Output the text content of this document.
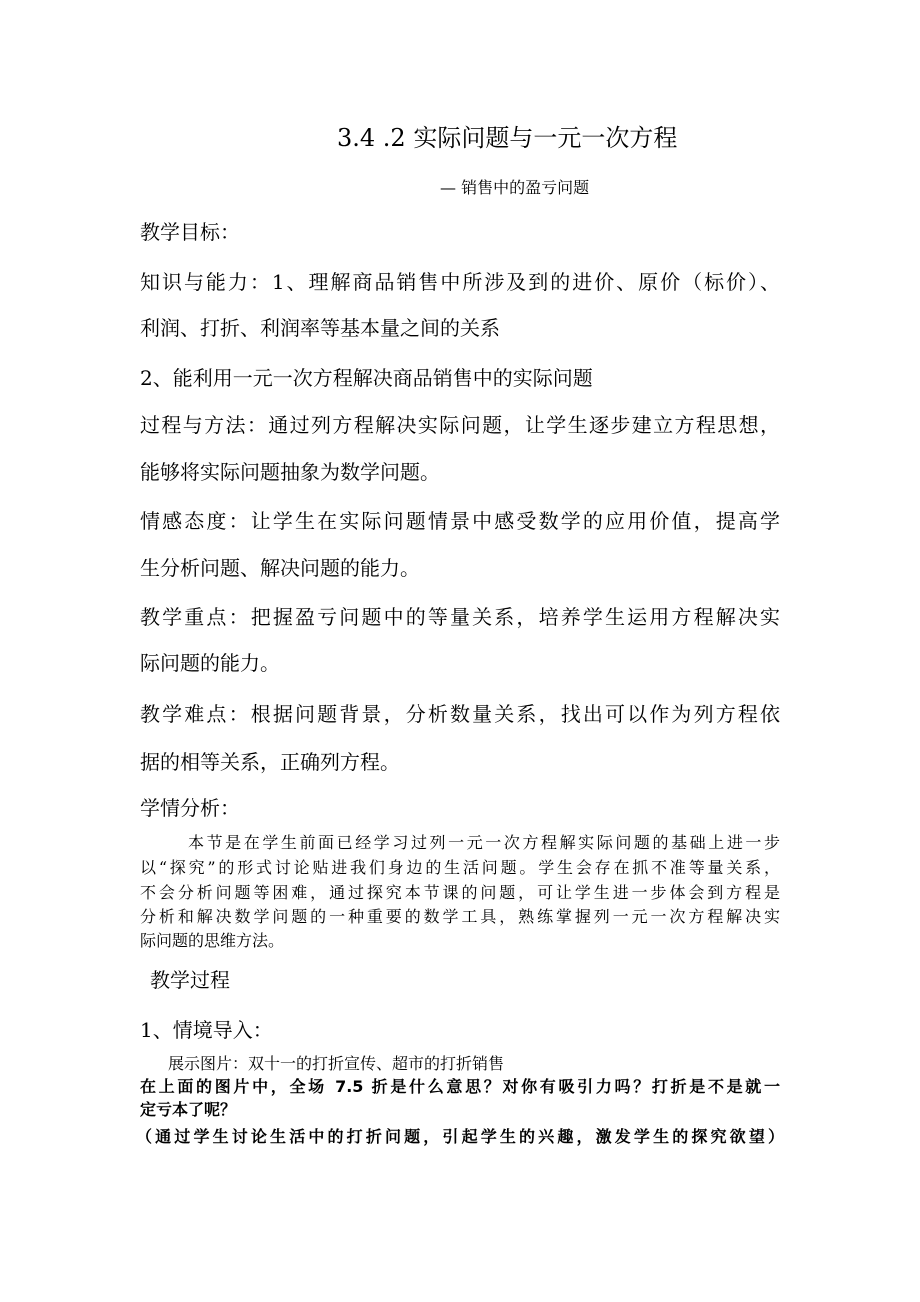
3.4 .2 实际问题与一元一次方程
— 销售中的盈亏问题
教学目标：
知识与能力：1、理解商品销售中所涉及到的进价、原价（标价）、
利润、打折、利润率等基本量之间的关系
2、能利用一元一次方程解决商品销售中的实际问题
过程与方法：通过列方程解决实际问题，让学生逐步建立方程思想，
能够将实际问题抽象为数学问题。
情感态度：让学生在实际问题情景中感受数学的应用价值，提高学
生分析问题、解决问题的能力。
教学重点：把握盈亏问题中的等量关系，培养学生运用方程解决实
际问题的能力。
教学难点：根据问题背景，分析数量关系，找出可以作为列方程依
据的相等关系，正确列方程。
学情分析：
本节是在学生前面已经学习过列一元一次方程解实际问题的基础上进一步
以“探究”的形式讨论贴进我们身边的生活问题。学生会存在抓不准等量关系，
不会分析问题等困难，通过探究本节课的问题，可让学生进一步体会到方程是
分析和解决数学问题的一种重要的数学工具，熟练掌握列一元一次方程解决实
际问题的思维方法。
教学过程
1、情境导入：
展示图片：双十一的打折宣传、超市的打折销售
在上面的图片中，全场 7.5 折是什么意思？对你有吸引力吗？打折是不是就一
定亏本了呢？
（通过学生讨论生活中的打折问题，引起学生的兴趣，激发学生的探究欲望）
